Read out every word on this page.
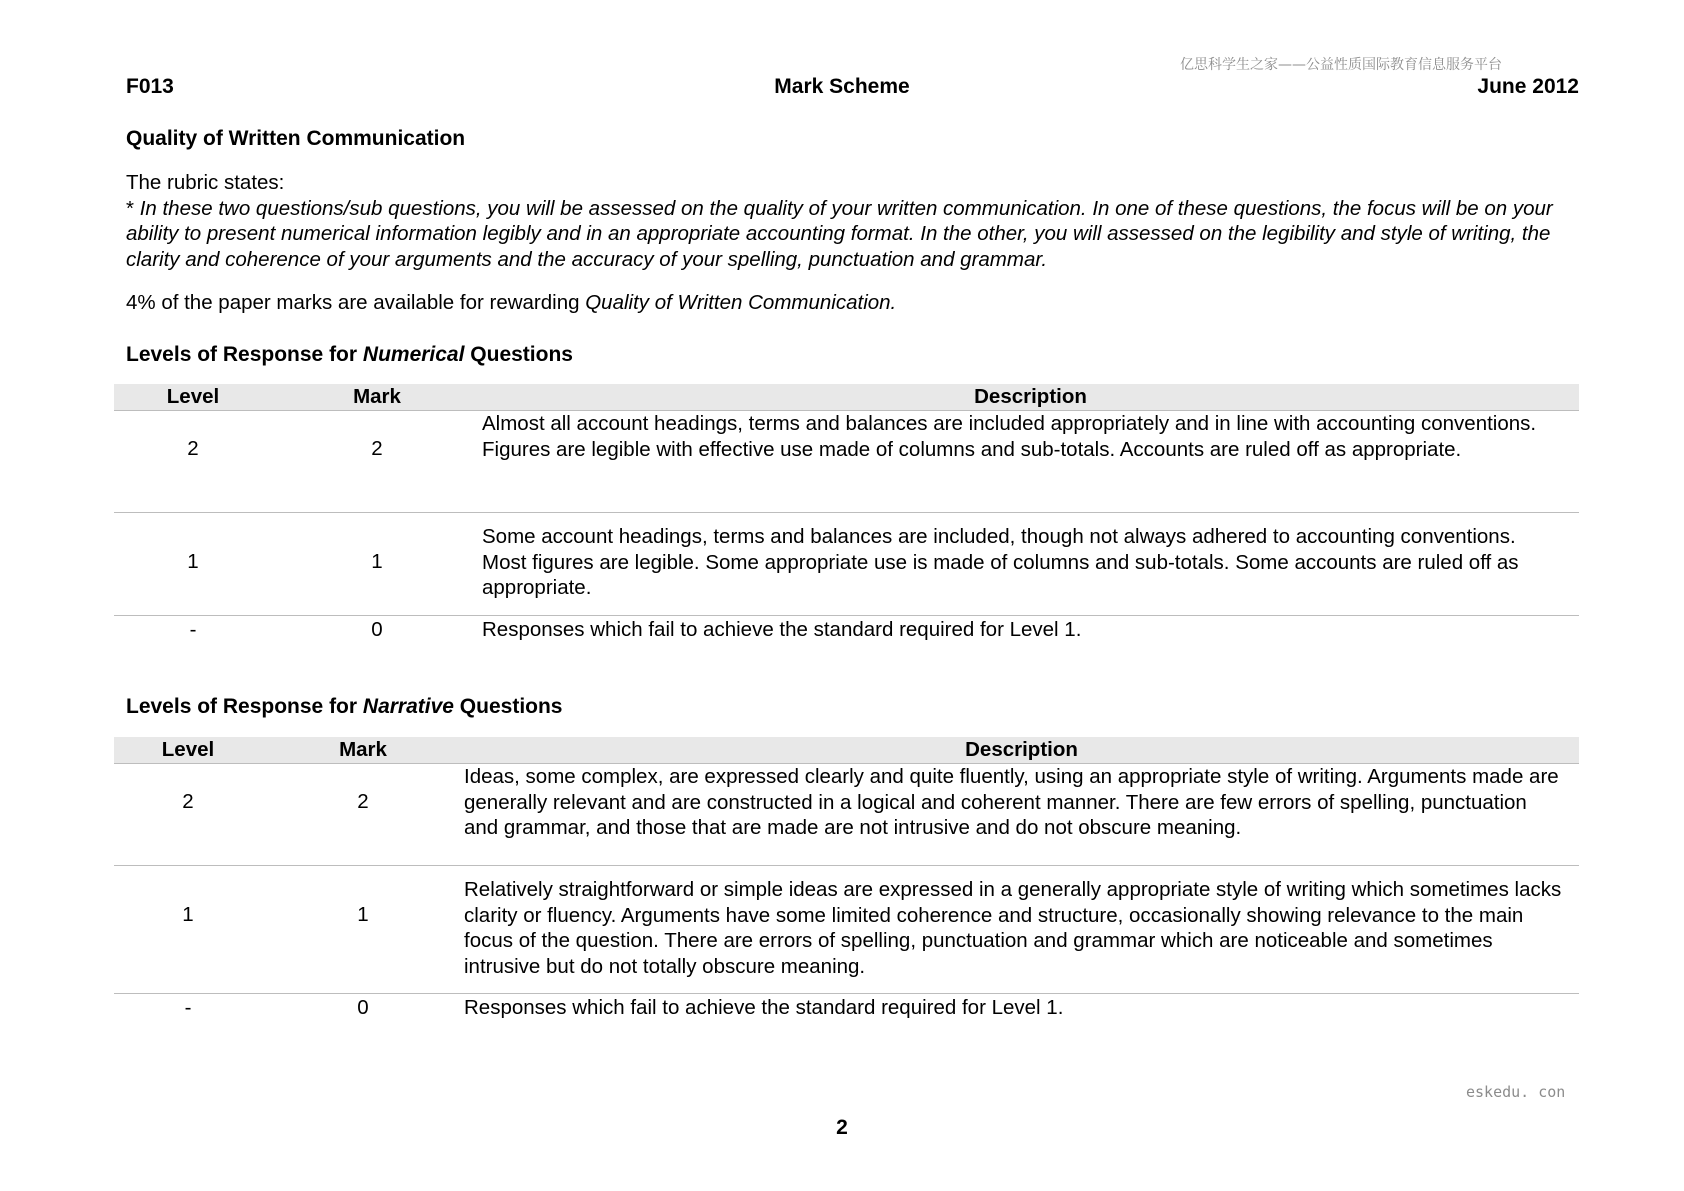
亿思科学生之家——公益性质国际教育信息服务平台
F013	Mark Scheme	June 2012
Quality of Written Communication
The rubric states:
* In these two questions/sub questions, you will be assessed on the quality of your written communication. In one of these questions, the focus will be on your ability to present numerical information legibly and in an appropriate accounting format. In the other, you will assessed on the legibility and style of writing, the clarity and coherence of your arguments and the accuracy of your spelling, punctuation and grammar.
4% of the paper marks are available for rewarding Quality of Written Communication.
Levels of Response for Numerical Questions
Level	Mark	Description
2	2	Almost all account headings, terms and balances are included appropriately and in line with accounting conventions. Figures are legible with effective use made of columns and sub-totals. Accounts are ruled off as appropriate.
1	1	Some account headings, terms and balances are included, though not always adhered to accounting conventions. Most figures are legible. Some appropriate use is made of columns and sub-totals. Some accounts are ruled off as appropriate.
-	0	Responses which fail to achieve the standard required for Level 1.
Levels of Response for Narrative Questions
Level	Mark	Description
2	2	Ideas, some complex, are expressed clearly and quite fluently, using an appropriate style of writing. Arguments made are generally relevant and are constructed in a logical and coherent manner. There are few errors of spelling, punctuation and grammar, and those that are made are not intrusive and do not obscure meaning.
1	1	Relatively straightforward or simple ideas are expressed in a generally appropriate style of writing which sometimes lacks clarity or fluency. Arguments have some limited coherence and structure, occasionally showing relevance to the main focus of the question. There are errors of spelling, punctuation and grammar which are noticeable and sometimes intrusive but do not totally obscure meaning.
-	0	Responses which fail to achieve the standard required for Level 1.
eskedu. con
2
